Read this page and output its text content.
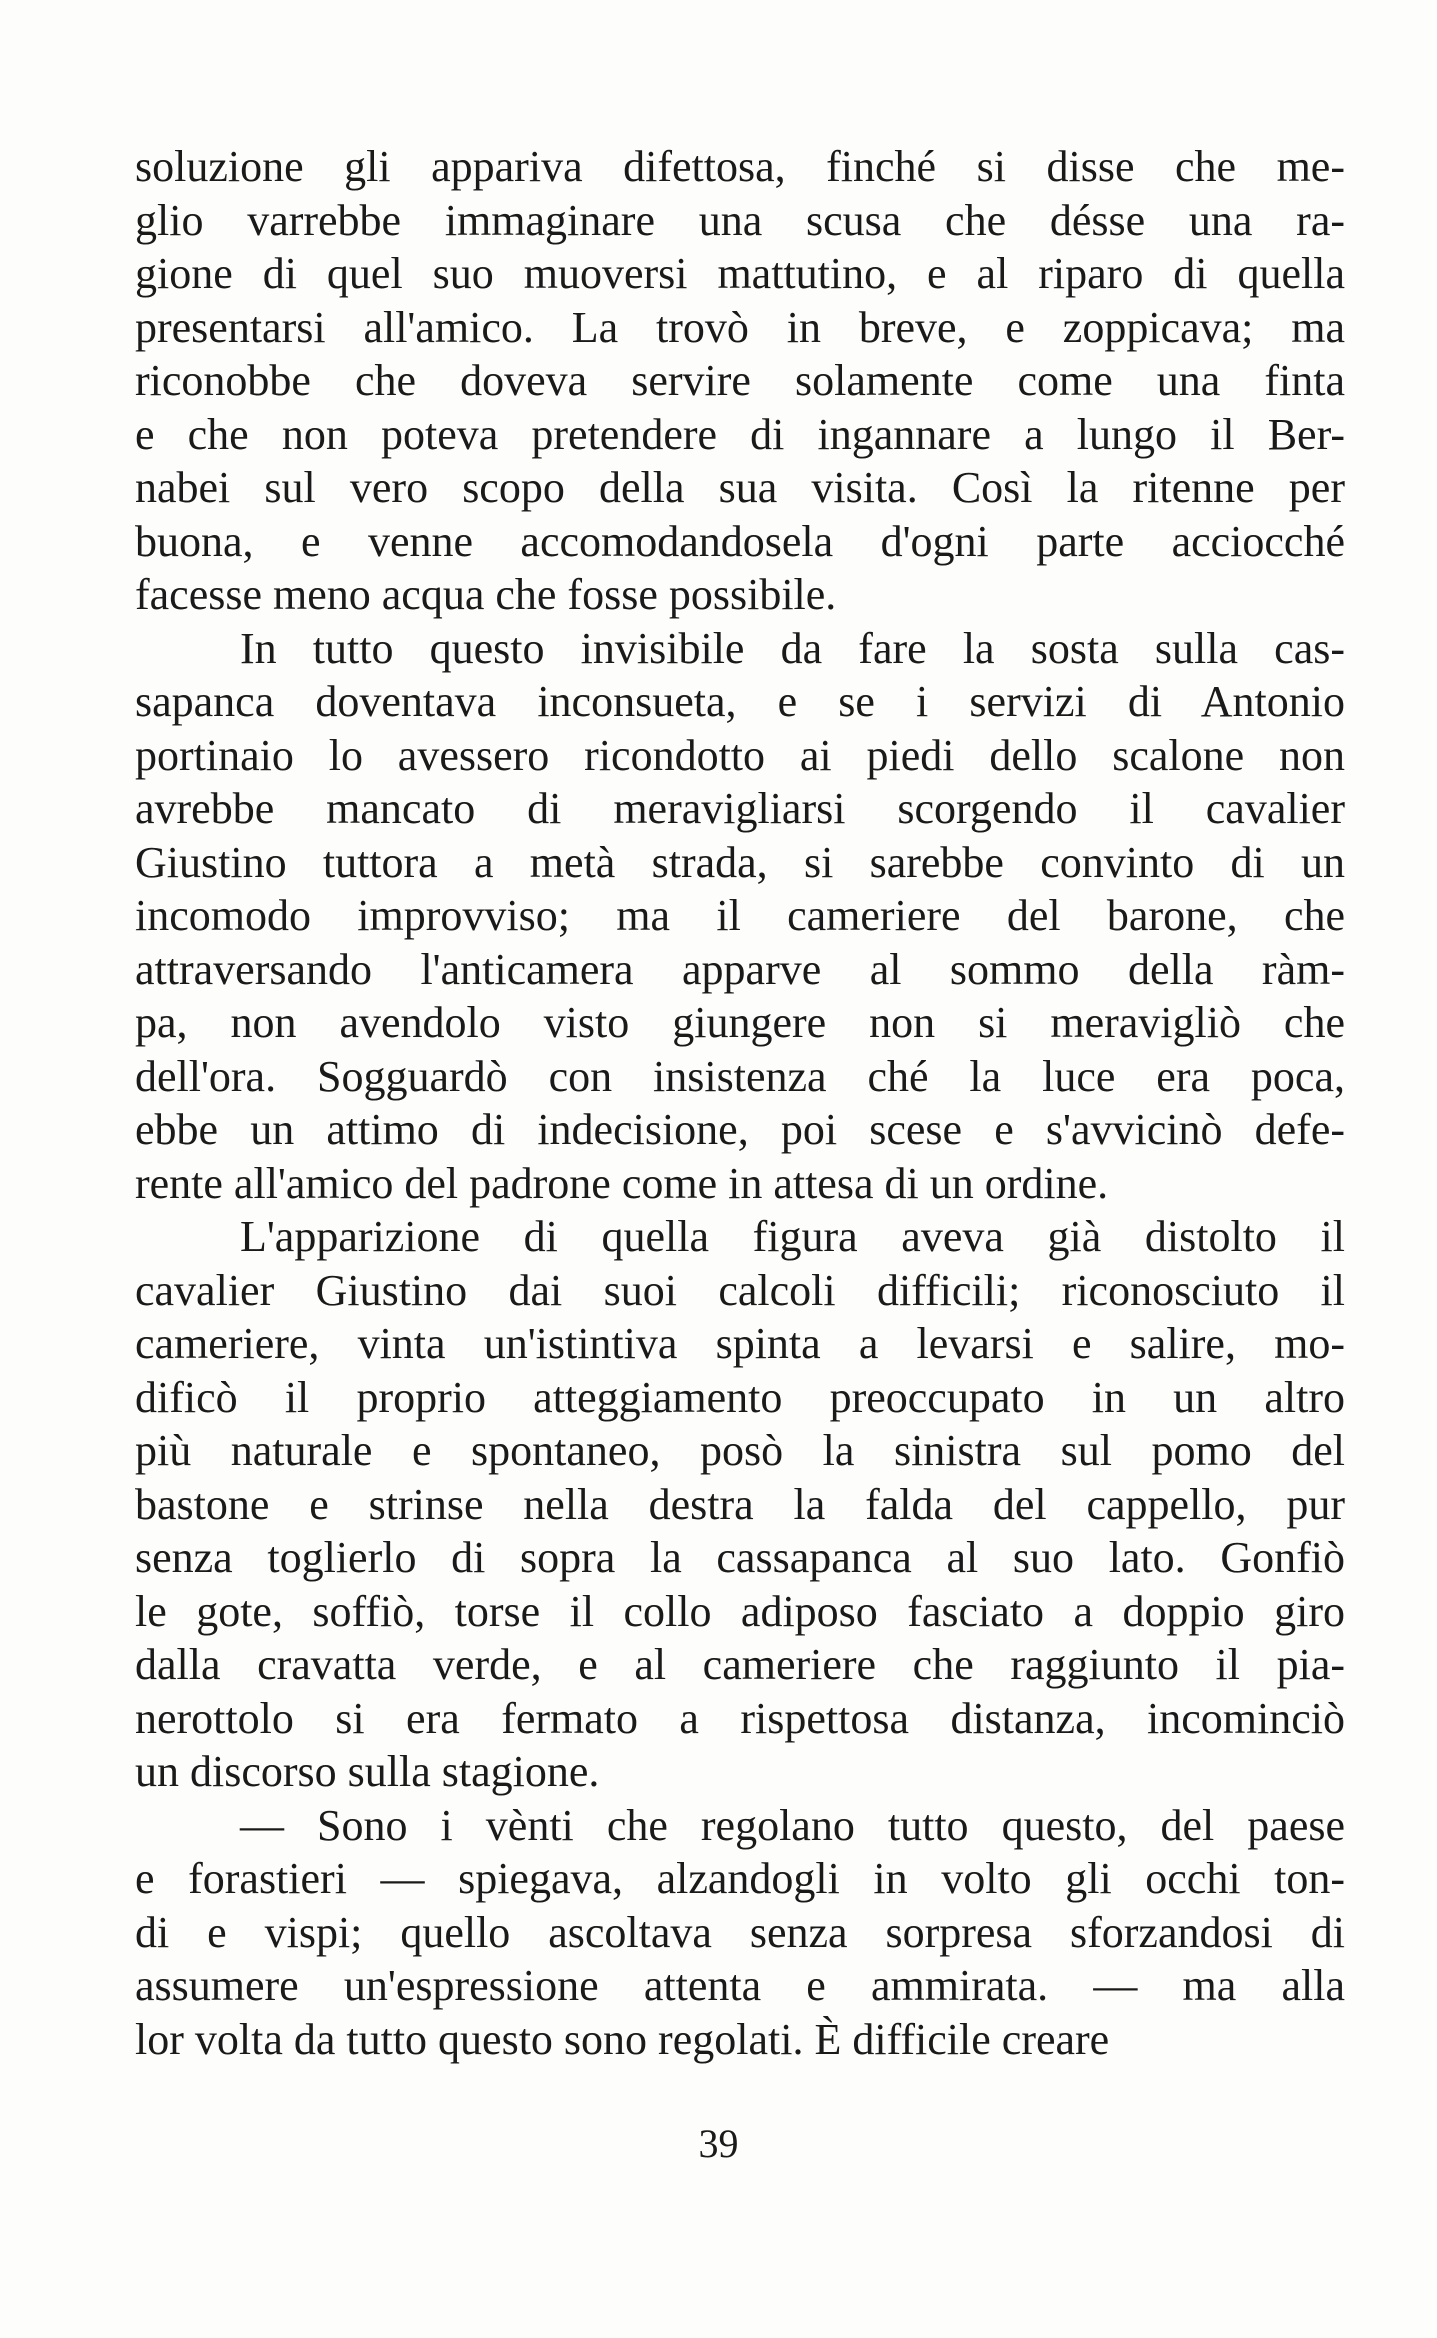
soluzione gli appariva difettosa, finché si disse che me-
glio varrebbe immaginare una scusa che désse una ra-
gione di quel suo muoversi mattutino, e al riparo di quella
presentarsi all'amico. La trovò in breve, e zoppicava; ma
riconobbe che doveva servire solamente come una finta
e che non poteva pretendere di ingannare a lungo il Ber-
nabei sul vero scopo della sua visita. Così la ritenne per
buona, e venne accomodandosela d'ogni parte acciocché
facesse meno acqua che fosse possibile.
In tutto questo invisibile da fare la sosta sulla cas-
sapanca doventava inconsueta, e se i servizi di Antonio
portinaio lo avessero ricondotto ai piedi dello scalone non
avrebbe mancato di meravigliarsi scorgendo il cavalier
Giustino tuttora a metà strada, si sarebbe convinto di un
incomodo improvviso; ma il cameriere del barone, che
attraversando l'anticamera apparve al sommo della ràm-
pa, non avendolo visto giungere non si meravigliò che
dell'ora. Sogguardò con insistenza ché la luce era poca,
ebbe un attimo di indecisione, poi scese e s'avvicinò defe-
rente all'amico del padrone come in attesa di un ordine.
L'apparizione di quella figura aveva già distolto il
cavalier Giustino dai suoi calcoli difficili; riconosciuto il
cameriere, vinta un'istintiva spinta a levarsi e salire, mo-
dificò il proprio atteggiamento preoccupato in un altro
più naturale e spontaneo, posò la sinistra sul pomo del
bastone e strinse nella destra la falda del cappello, pur
senza toglierlo di sopra la cassapanca al suo lato. Gonfiò
le gote, soffiò, torse il collo adiposo fasciato a doppio giro
dalla cravatta verde, e al cameriere che raggiunto il pia-
nerottolo si era fermato a rispettosa distanza, incominciò
un discorso sulla stagione.
— Sono i vènti che regolano tutto questo, del paese
e forastieri — spiegava, alzandogli in volto gli occhi ton-
di e vispi; quello ascoltava senza sorpresa sforzandosi di
assumere un'espressione attenta e ammirata. — ma alla
lor volta da tutto questo sono regolati. È difficile creare
39
